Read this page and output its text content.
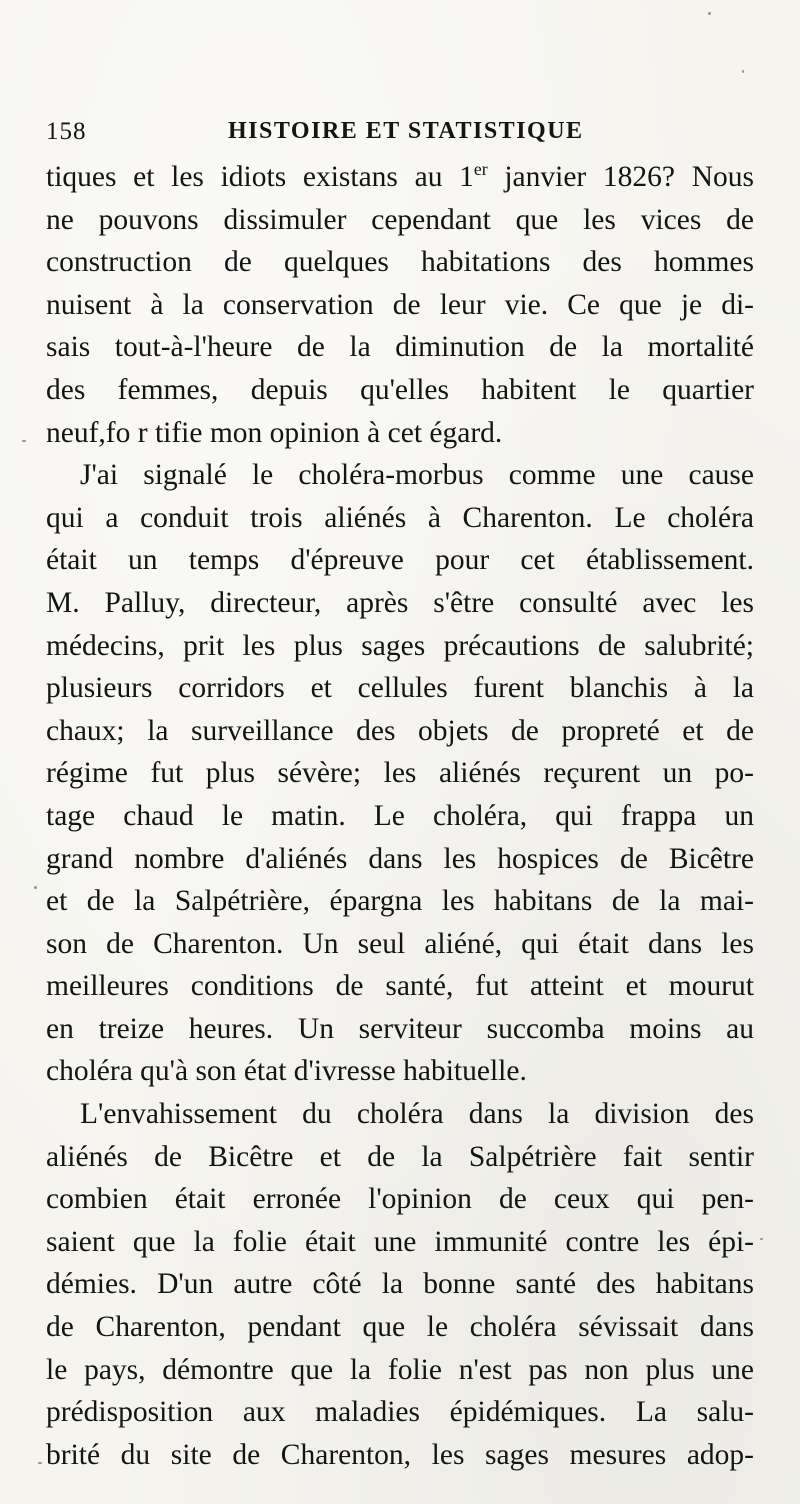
158	HISTOIRE ET STATISTIQUE
tiques et les idiots existans au 1er janvier 1826? Nous
ne pouvons dissimuler cependant que les vices de
construction de quelques habitations des hommes
nuisent à la conservation de leur vie. Ce que je di-
sais tout-à-l'heure de la diminution de la mortalité
des femmes, depuis qu'elles habitent le quartier
neuf,fo r tifie mon opinion à cet égard.
J'ai signalé le choléra-morbus comme une cause
qui a conduit trois aliénés à Charenton. Le choléra
était un temps d'épreuve pour cet établissement.
M. Palluy, directeur, après s'être consulté avec les
médecins, prit les plus sages précautions de salubrité;
plusieurs corridors et cellules furent blanchis à la
chaux; la surveillance des objets de propreté et de
régime fut plus sévère; les aliénés reçurent un po-
tage chaud le matin. Le choléra, qui frappa un
grand nombre d'aliénés dans les hospices de Bicêtre
et de la Salpétrière, épargna les habitans de la mai-
son de Charenton. Un seul aliéné, qui était dans les
meilleures conditions de santé, fut atteint et mourut
en treize heures. Un serviteur succomba moins au
choléra qu'à son état d'ivresse habituelle.
L'envahissement du choléra dans la division des
aliénés de Bicêtre et de la Salpétrière fait sentir
combien était erronée l'opinion de ceux qui pen-
saient que la folie était une immunité contre les épi-
démies. D'un autre côté la bonne santé des habitans
de Charenton, pendant que le choléra sévissait dans
le pays, démontre que la folie n'est pas non plus une
prédisposition aux maladies épidémiques. La salu-
brité du site de Charenton, les sages mesures adop-
